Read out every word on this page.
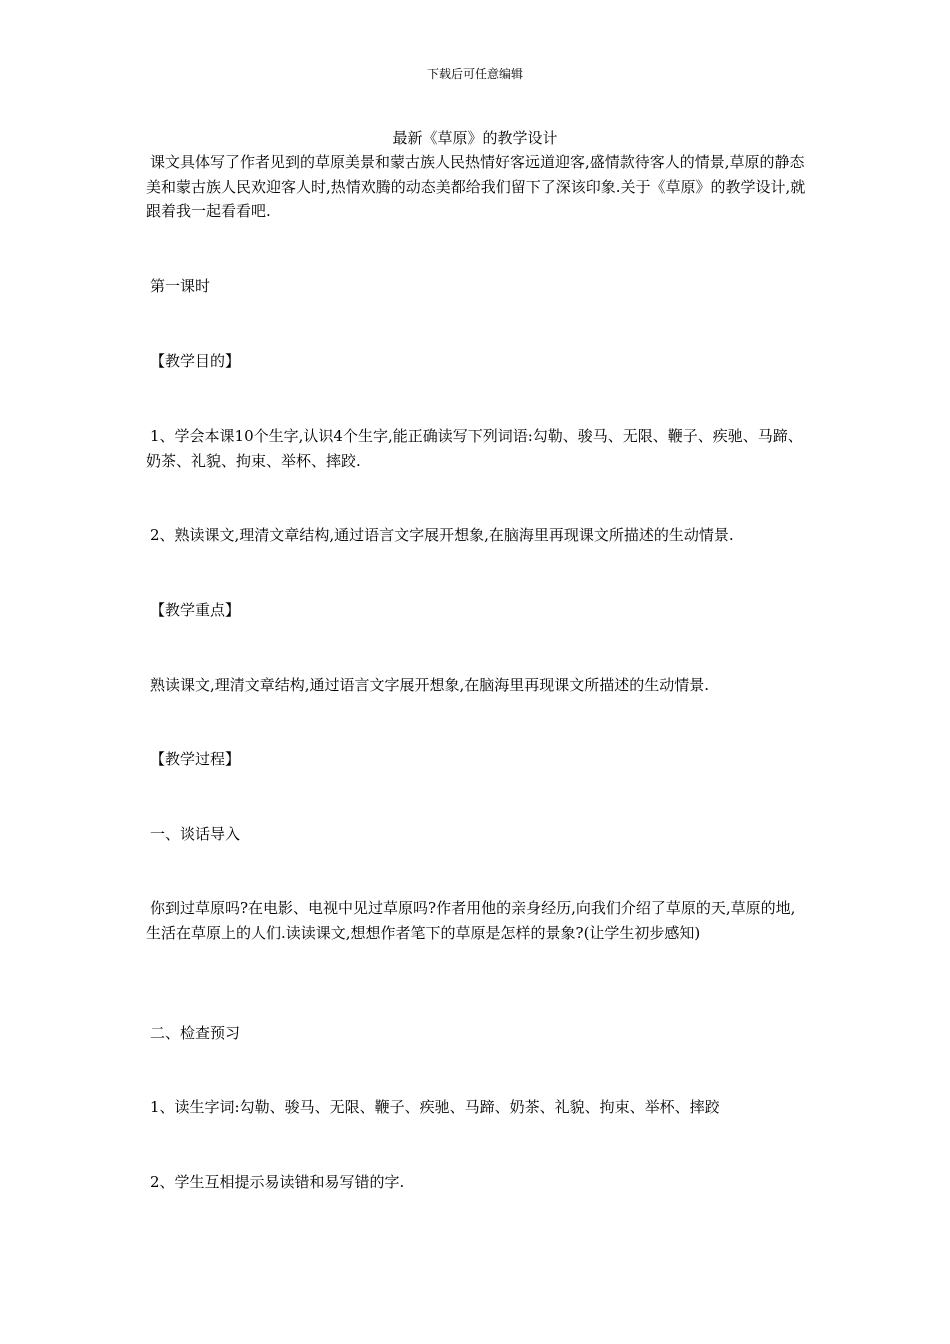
下载后可任意编辑
最新《草原》的教学设计

课文具体写了作者见到的草原美景和蒙古族人民热情好客远道迎客,盛情款待客人的情景,草原的静态美和蒙古族人民欢迎客人时,热情欢腾的动态美都给我们留下了深该印象.关于《草原》的教学设计,就跟着我一起看看吧.

第一课时

【教学目的】

1、学会本课10个生字,认识4个生字,能正确读写下列词语:勾勒、骏马、无限、鞭子、疾驰、马蹄、奶茶、礼貌、拘束、举杯、摔跤.

2、熟读课文,理清文章结构,通过语言文字展开想象,在脑海里再现课文所描述的生动情景.

【教学重点】

熟读课文,理清文章结构,通过语言文字展开想象,在脑海里再现课文所描述的生动情景.

【教学过程】

一、谈话导入

你到过草原吗?在电影、电视中见过草原吗?作者用他的亲身经历,向我们介绍了草原的天,草原的地,生活在草原上的人们.读读课文,想想作者笔下的草原是怎样的景象?(让学生初步感知)

二、检查预习

1、读生字词:勾勒、骏马、无限、鞭子、疾驰、马蹄、奶茶、礼貌、拘束、举杯、摔跤

2、学生互相提示易读错和易写错的字.
